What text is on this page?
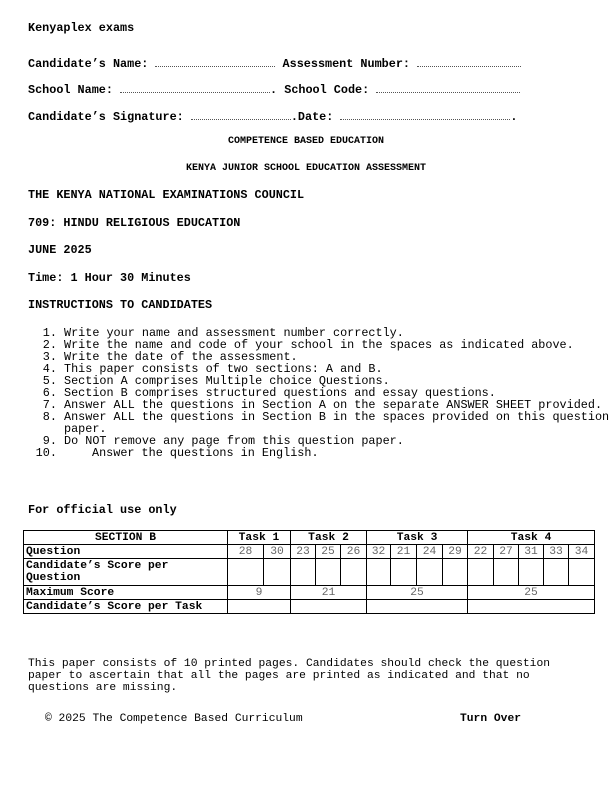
Kenyaplex exams
Candidate’s Name:	Assessment Number:
School Name:	. School Code:
Candidate’s Signature:	.Date:	.
COMPETENCE BASED EDUCATION
KENYA JUNIOR SCHOOL EDUCATION ASSESSMENT
THE KENYA NATIONAL EXAMINATIONS COUNCIL
709: HINDU RELIGIOUS EDUCATION
JUNE 2025
Time: 1 Hour 30 Minutes
INSTRUCTIONS TO CANDIDATES
1. Write your name and assessment number correctly.
2. Write the name and code of your school in the spaces as indicated above.
3. Write the date of the assessment.
4. This paper consists of two sections: A and B.
5. Section A comprises Multiple choice Questions.
6. Section B comprises structured questions and essay questions.
7. Answer ALL the questions in Section A on the separate ANSWER SHEET provided.
8. Answer ALL the questions in Section B in the spaces provided on this question paper.
9. Do NOT remove any page from this question paper.
10. Answer the questions in English.
For official use only
SECTION B	Task 1		Task 2			Task 3				Task 4				
Question	28	30	23	25	26	32	21	24	29	22	27	31	33	34
Candidate’s Score per Question														
Maximum Score	9		21			25				25				
Candidate’s Score per Task														
This paper consists of 10 printed pages. Candidates should check the question
paper to ascertain that all the pages are printed as indicated and that no
questions are missing.
© 2025 The Competence Based Curriculum	Turn Over
